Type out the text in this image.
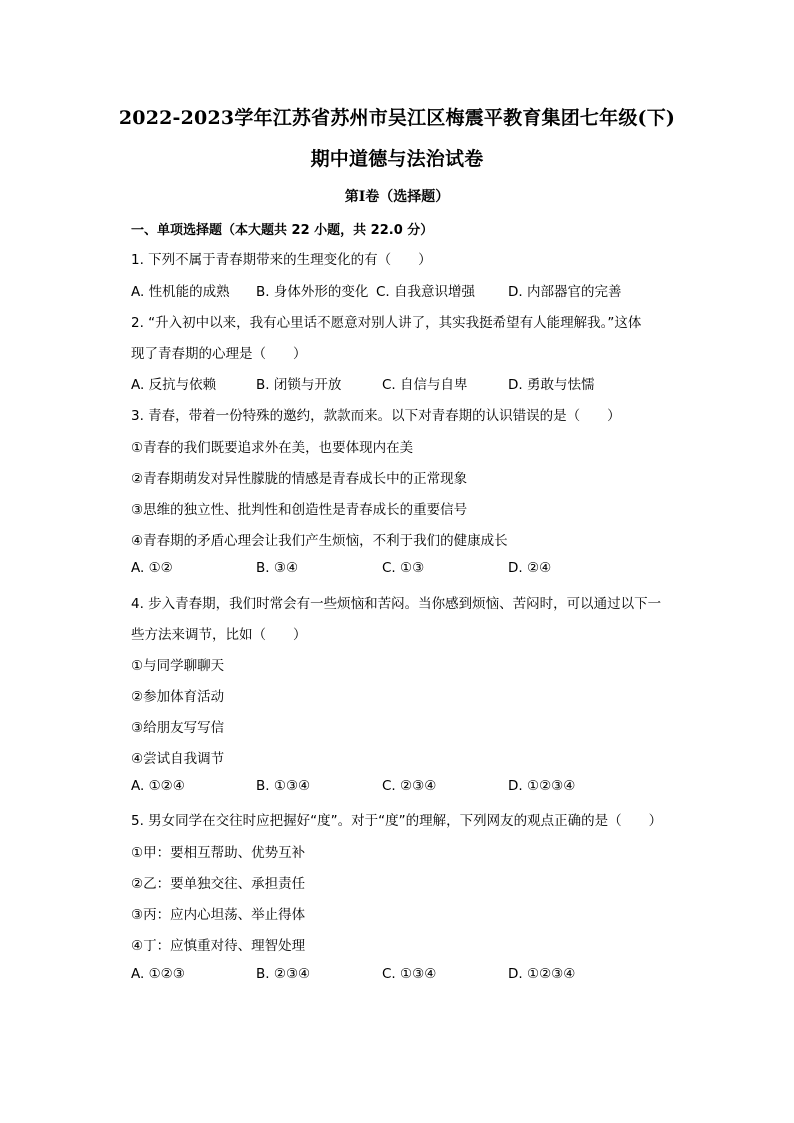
2022-2023学年江苏省苏州市吴江区梅震平教育集团七年级(下)
期中道德与法治试卷
第I卷（选择题）
一、单项选择题（本大题共 22 小题，共 22.0 分）
1. 下列不属于青春期带来的生理变化的有（　　）
A. 性机能的成熟 B. 身体外形的变化 C. 自我意识增强 D. 内部器官的完善
2. “升入初中以来，我有心里话不愿意对别人讲了，其实我挺希望有人能理解我。”这体
现了青春期的心理是（　　）
A. 反抗与依赖	B. 闭锁与开放	C. 自信与自卑	D. 勇敢与怯懦
3. 青春，带着一份特殊的邀约，款款而来。以下对青春期的认识错误的是（　　）
①青春的我们既要追求外在美，也要体现内在美
②青春期萌发对异性朦胧的情感是青春成长中的正常现象
③思维的独立性、批判性和创造性是青春成长的重要信号
④青春期的矛盾心理会让我们产生烦恼，不利于我们的健康成长
A. ①②	B. ③④	C. ①③	D. ②④
4. 步入青春期，我们时常会有一些烦恼和苦闷。当你感到烦恼、苦闷时，可以通过以下一
些方法来调节，比如（　　）
①与同学聊聊天
②参加体育活动
③给朋友写写信
④尝试自我调节
A. ①②④	B. ①③④	C. ②③④	D. ①②③④
5. 男女同学在交往时应把握好“度”。对于“度”的理解，下列网友的观点正确的是（　　）
①甲：要相互帮助、优势互补
②乙：要单独交往、承担责任
③丙：应内心坦荡、举止得体
④丁：应慎重对待、理智处理
A. ①②③	B. ②③④	C. ①③④	D. ①②③④
